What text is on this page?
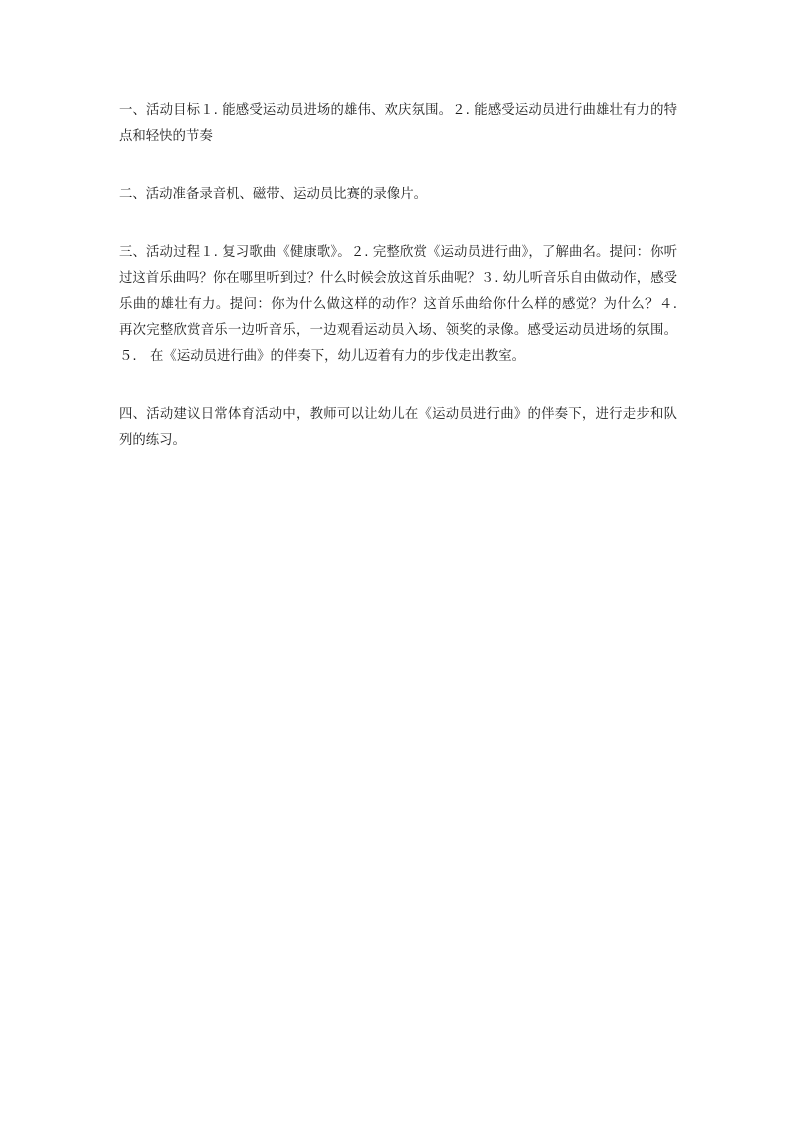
一、活动目标１. 能感受运动员进场的雄伟、欢庆氛围。２. 能感受运动员进行曲雄壮有力的特点和轻快的节奏

二、活动准备录音机、磁带、运动员比赛的录像片。

三、活动过程１. 复习歌曲《健康歌》。２. 完整欣赏《运动员进行曲》，了解曲名。提问：你听过这首乐曲吗？你在哪里听到过？什么时候会放这首乐曲呢？３. 幼儿听音乐自由做动作，感受乐曲的雄壮有力。提问：你为什么做这样的动作？这首乐曲给你什么样的感觉？为什么？４.　再次完整欣赏音乐一边听音乐，一边观看运动员入场、领奖的录像。感受运动员进场的氛围。５.　在《运动员进行曲》的伴奏下，幼儿迈着有力的步伐走出教室。

四、活动建议日常体育活动中，教师可以让幼儿在《运动员进行曲》的伴奏下，进行走步和队列的练习。
